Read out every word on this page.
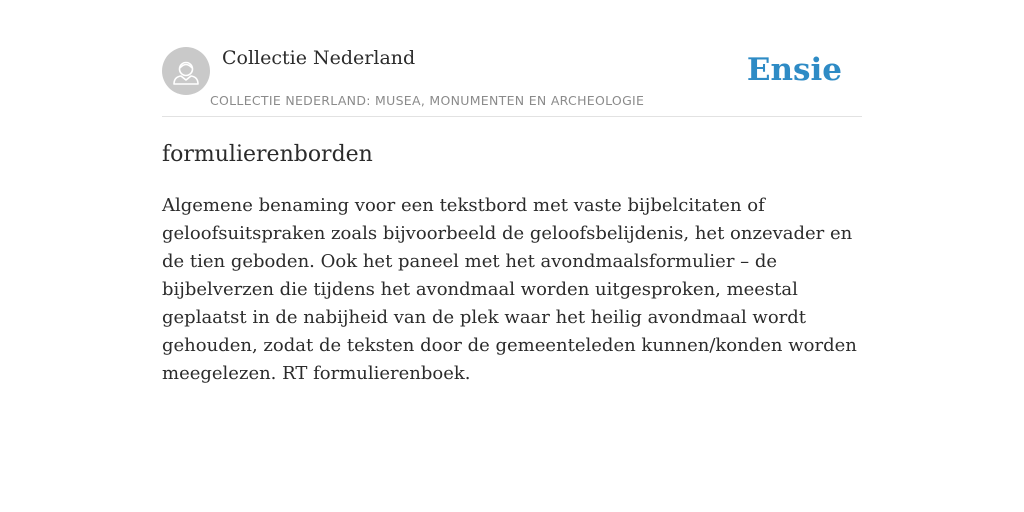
Collectie Nederland
COLLECTIE NEDERLAND: MUSEA, MONUMENTEN EN ARCHEOLOGIE
Ensie
formulierenborden

Algemene benaming voor een tekstbord met vaste bijbelcitaten of geloofsuitspraken zoals bijvoorbeeld de geloofsbelijdenis, het onzevader en de tien geboden. Ook het paneel met het avondmaalsformulier – de bijbelverzen die tijdens het avondmaal worden uitgesproken, meestal geplaatst in de nabijheid van de plek waar het heilig avondmaal wordt gehouden, zodat de teksten door de gemeenteleden kunnen/konden worden meegelezen. RT formulierenboek.
